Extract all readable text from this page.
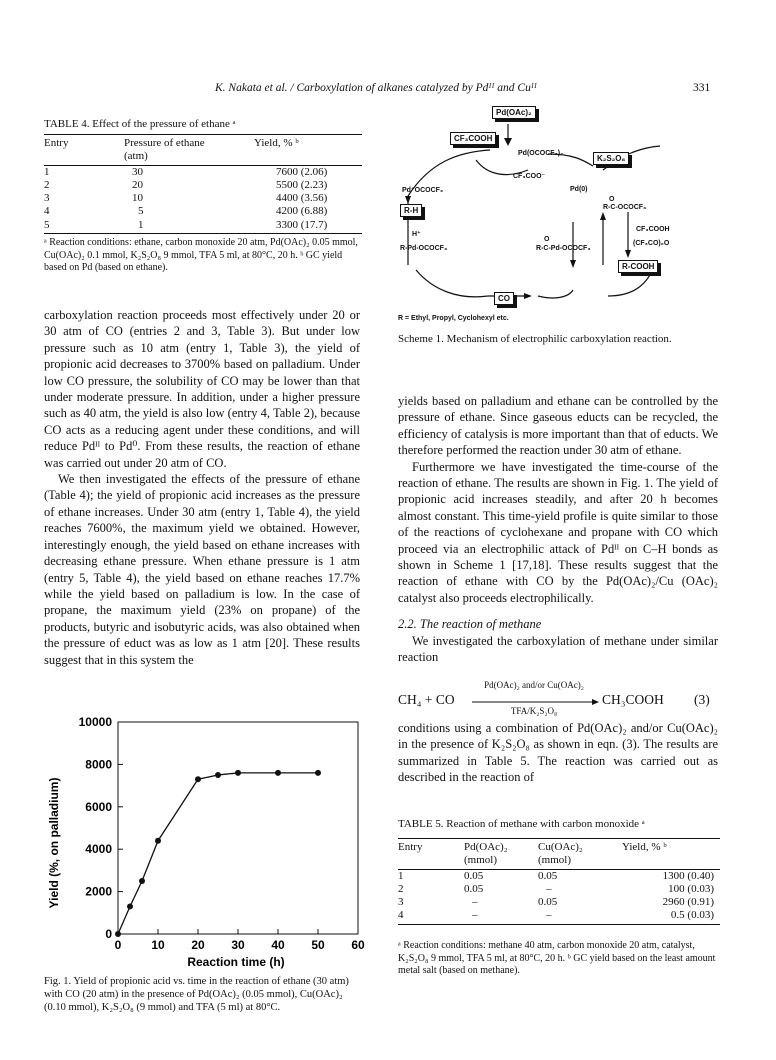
K. Nakata et al. / Carboxylation of alkanes catalyzed by Pdᴵᴵ and Cuᴵᴵ	331
TABLE 4. Effect of the pressure of ethane ᵃ
Entry	Pressure of ethane	Yield, % ᵇ
	(atm)	
1	30	7600 (2.06)
2	20	5500 (2.23)
3	10	4400 (3.56)
4	5	4200 (6.88)
5	1	3300 (17.7)
ᵃ Reaction conditions: ethane, carbon monoxide 20 atm, Pd(OAc)₂ 0.05 mmol, Cu(OAc)₂ 0.1 mmol, K₂S₂O₈ 9 mmol, TFA 5 ml, at 80°C, 20 h. ᵇ GC yield based on Pd (based on ethane).

carboxylation reaction proceeds most effectively under 20 or 30 atm of CO (entries 2 and 3, Table 3). But under low pressure such as 10 atm (entry 1, Table 3), the yield of propionic acid decreases to 3700% based on palladium. Under low CO pressure, the solubility of CO may be lower than that under moderate pressure. In addition, under a higher pressure such as 40 atm, the yield is also low (entry 4, Table 2), because CO acts as a reducing agent under these conditions, and will reduce Pdᴵᴵ to Pd⁰. From these results, the reaction of ethane was carried out under 20 atm of CO.

We then investigated the effects of the pressure of ethane (Table 4); the yield of propionic acid increases as the pressure of ethane increases. Under 30 atm (entry 1, Table 4), the yield reaches 7600%, the maximum yield we obtained. However, interestingly enough, the yield based on ethane increases with decreasing ethane pressure. When ethane pressure is 1 atm (entry 5, Table 4), the yield based on ethane reaches 17.7% while the yield based on palladium is low. In the case of propane, the maximum yield (23% on propane) of the products, butyric and isobutyric acids, was also obtained when the pressure of educt was as low as 1 atm [20]. These results suggest that in this system the

0 10 20 30 40 50 60
0
2000
4000
6000
8000
10000
Reaction time (h)
Yield (%, on palladium)
Fig. 1. Yield of propionic acid vs. time in the reaction of ethane (30 atm) with CO (20 atm) in the presence of Pd(OAc)₂ (0.05 mmol), Cu(OAc)₂ (0.10 mmol), K₂S₂O₈ (9 mmol) and TFA (5 ml) at 80°C.
Pd(OAc)₂
CF₃COOH
Pd(OCOCF₃)₂
K₂S₂O₈
CF₃COO⁻
Pd⁺OCOCF₃	Pd(0)
R-H
O
R-C-OCOCF₃
CF₃COOH
H⁺
O
(CF₃CO)₂O
R-Pd-OCOCF₃	R-C-Pd-OCOCF₃
R-COOH
CO
R = Ethyl, Propyl, Cyclohexyl etc.
Scheme 1. Mechanism of electrophilic carboxylation reaction.

yields based on palladium and ethane can be controlled by the pressure of ethane. Since gaseous educts can be recycled, the efficiency of catalysis is more important than that of educts. We therefore performed the reaction under 30 atm of ethane.

Furthermore we have investigated the time-course of the reaction of ethane. The results are shown in Fig. 1. The yield of propionic acid increases steadily, and after 20 h becomes almost constant. This time-yield profile is quite similar to those of the reactions of cyclohexane and propane with CO which proceed via an electrophilic attack of Pdᴵᴵ on C–H bonds as shown in Scheme 1 [17,18]. These results suggest that the reaction of ethane with CO by the Pd(OAc)₂/Cu (OAc)₂ catalyst also proceeds electrophilically.

2.2. The reaction of methane

We investigated the carboxylation of methane under similar reaction

CH₄ + CO
Pd(OAc)₂ and/or Cu(OAc)₂
TFA/K₂S₂O₈
CH₃COOH (3)

conditions using a combination of Pd(OAc)₂ and/or Cu(OAc)₂ in the presence of K₂S₂O₈ as shown in eqn. (3). The results are summarized in Table 5. The reaction was carried out as described in the reaction of

TABLE 5. Reaction of methane with carbon monoxide ᵃ
Entry	Pd(OAc)₂	Cu(OAc)₂	Yield, % ᵇ
	(mmol)	(mmol)	
1	0.05	0.05	1300 (0.40)
2	0.05	–	100 (0.03)
3	–	0.05	2960 (0.91)
4	–	–	0.5 (0.03)
ᵃ Reaction conditions: methane 40 atm, carbon monoxide 20 atm, catalyst, K₂S₂O₈ 9 mmol, TFA 5 ml, at 80°C, 20 h. ᵇ GC yield based on the least amount metal salt (based on methane).
